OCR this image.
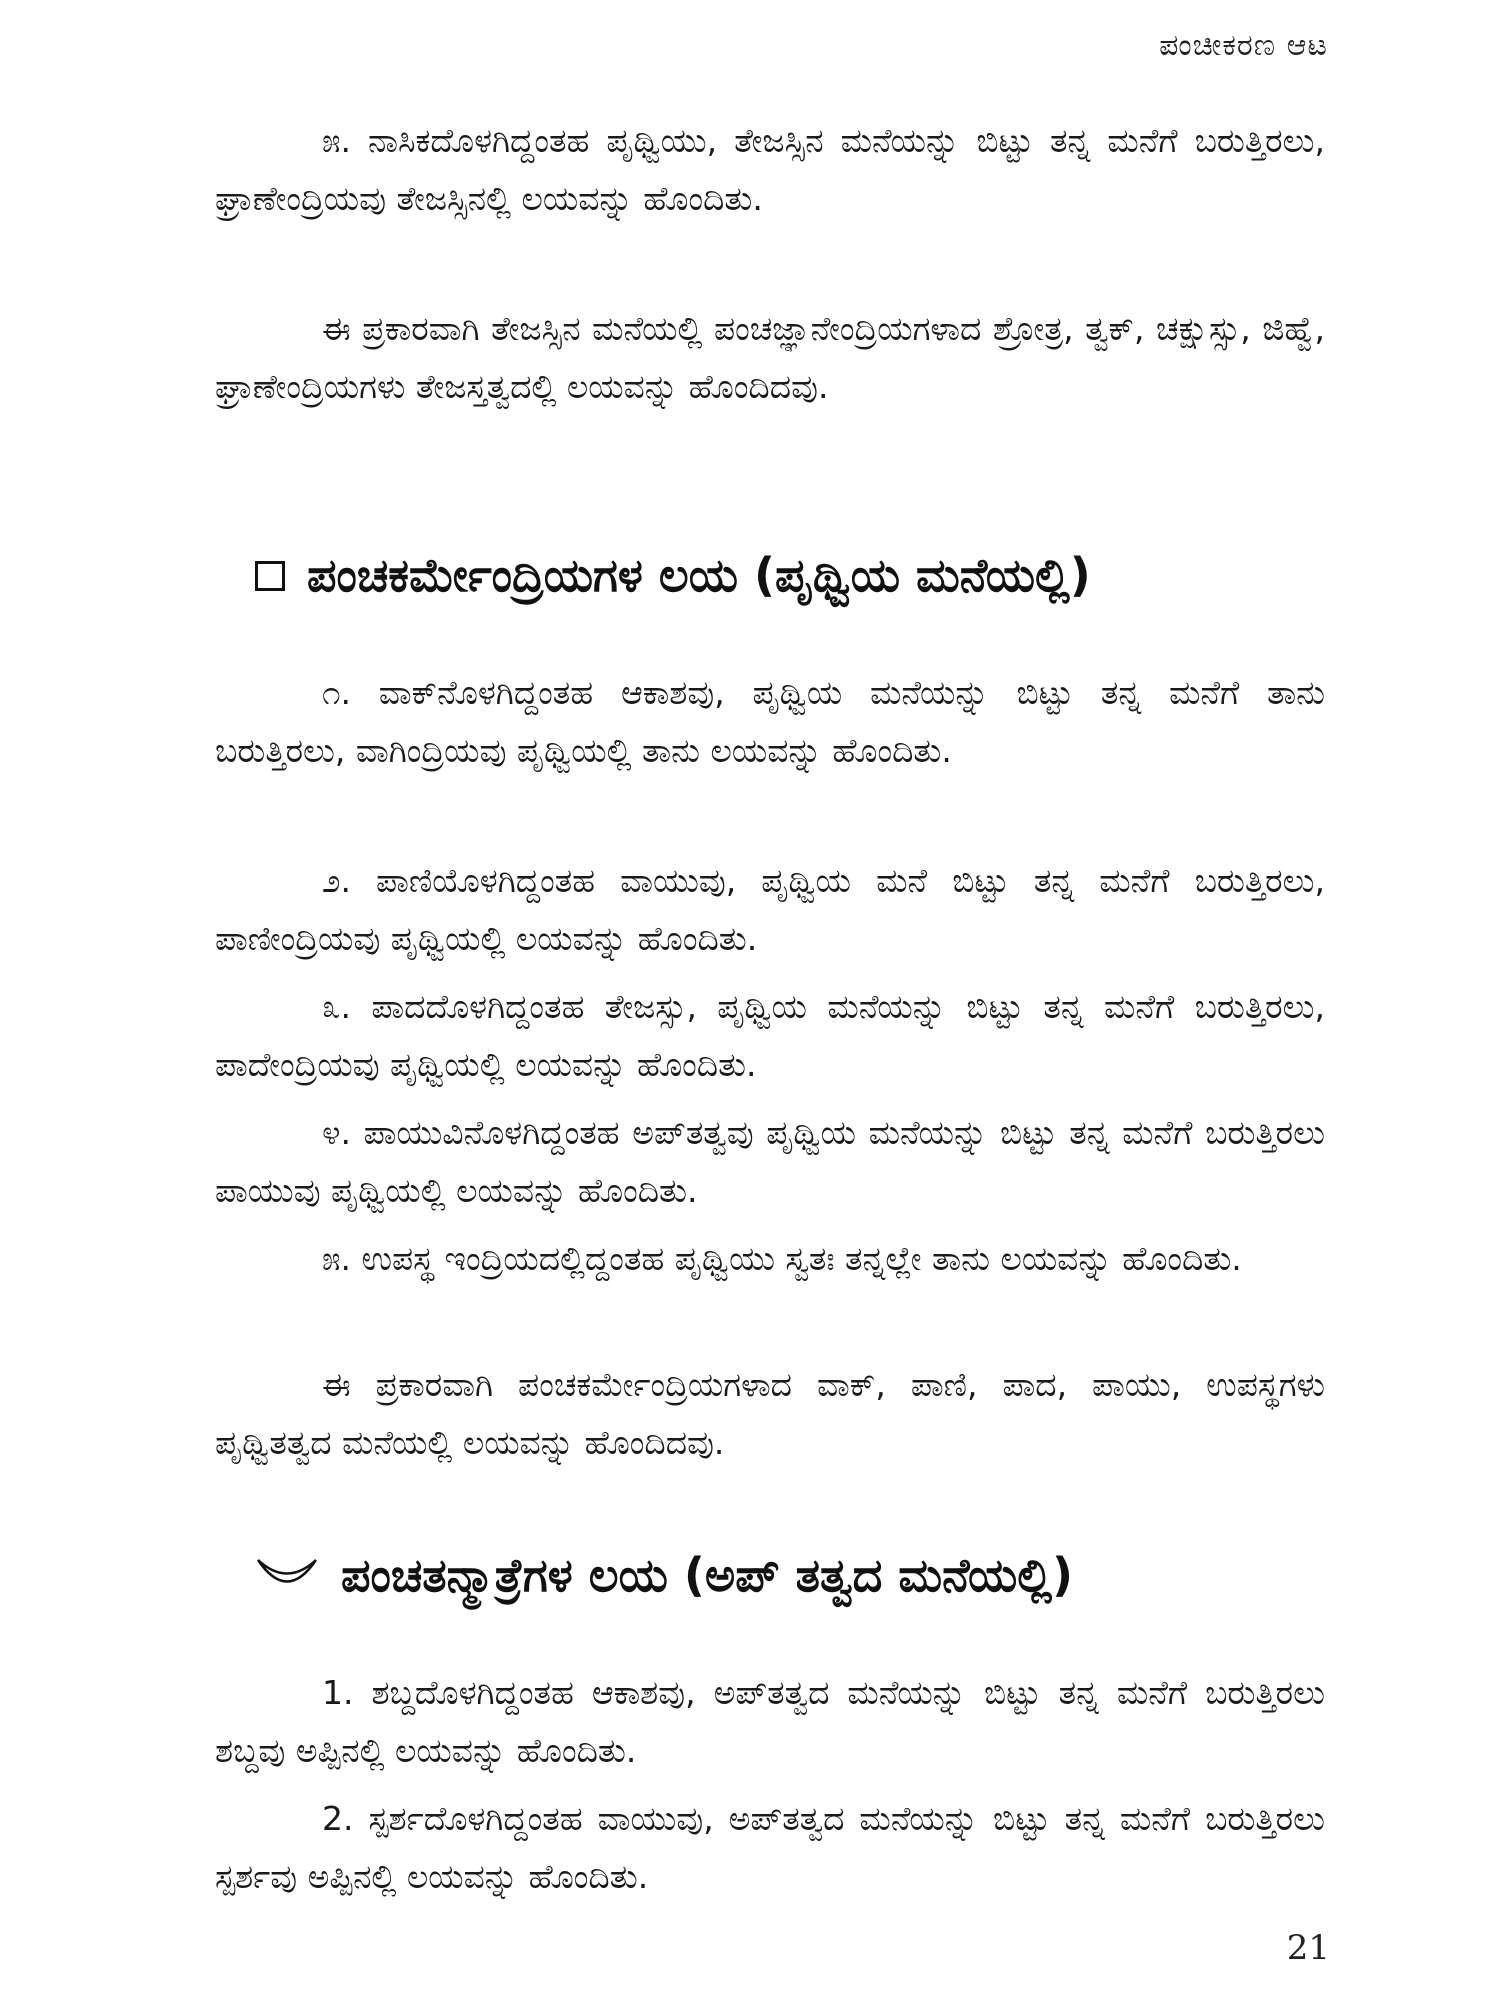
ಪಂಚೀಕರಣ ಆಟ

೫. ನಾಸಿಕದೊಳಗಿದ್ದಂತಹ ಪೃಥ್ವಿಯು, ತೇಜಸ್ಸಿನ ಮನೆಯನ್ನು ಬಿಟ್ಟು ತನ್ನ ಮನೆಗೆ ಬರುತ್ತಿರಲು, ಘ್ರಾಣೇಂದ್ರಿಯವು ತೇಜಸ್ಸಿನಲ್ಲಿ ಲಯವನ್ನು ಹೊಂದಿತು.

ಈ ಪ್ರಕಾರವಾಗಿ ತೇಜಸ್ಸಿನ ಮನೆಯಲ್ಲಿ ಪಂಚಜ್ಞಾನೇಂದ್ರಿಯಗಳಾದ ಶ್ರೋತ್ರ, ತ್ವಕ್, ಚಕ್ಷುಸ್ಸು, ಜಿಹ್ವೆ, ಘ್ರಾಣೇಂದ್ರಿಯಗಳು ತೇಜಸ್ತತ್ವದಲ್ಲಿ ಲಯವನ್ನು ಹೊಂದಿದವು.

ಪಂಚಕರ್ಮೇಂದ್ರಿಯಗಳ ಲಯ (ಪೃಥ್ವಿಯ ಮನೆಯಲ್ಲಿ)

೧. ವಾಕ್‌ನೊಳಗಿದ್ದಂತಹ ಆಕಾಶವು, ಪೃಥ್ವಿಯ ಮನೆಯನ್ನು ಬಿಟ್ಟು ತನ್ನ ಮನೆಗೆ ತಾನು ಬರುತ್ತಿರಲು, ವಾಗಿಂದ್ರಿಯವು ಪೃಥ್ವಿಯಲ್ಲಿ ತಾನು ಲಯವನ್ನು ಹೊಂದಿತು.

೨. ಪಾಣಿಯೊಳಗಿದ್ದಂತಹ ವಾಯುವು, ಪೃಥ್ವಿಯ ಮನೆ ಬಿಟ್ಟು ತನ್ನ ಮನೆಗೆ ಬರುತ್ತಿರಲು, ಪಾಣೀಂದ್ರಿಯವು ಪೃಥ್ವಿಯಲ್ಲಿ ಲಯವನ್ನು ಹೊಂದಿತು.

೩. ಪಾದದೊಳಗಿದ್ದಂತಹ ತೇಜಸ್ಸು, ಪೃಥ್ವಿಯ ಮನೆಯನ್ನು ಬಿಟ್ಟು ತನ್ನ ಮನೆಗೆ ಬರುತ್ತಿರಲು, ಪಾದೇಂದ್ರಿಯವು ಪೃಥ್ವಿಯಲ್ಲಿ ಲಯವನ್ನು ಹೊಂದಿತು.

೪. ಪಾಯುವಿನೊಳಗಿದ್ದಂತಹ ಅಪ್‌ತತ್ವವು ಪೃಥ್ವಿಯ ಮನೆಯನ್ನು ಬಿಟ್ಟು ತನ್ನ ಮನೆಗೆ ಬರುತ್ತಿರಲು ಪಾಯುವು ಪೃಥ್ವಿಯಲ್ಲಿ ಲಯವನ್ನು ಹೊಂದಿತು.

೫. ಉಪಸ್ಥ ಇಂದ್ರಿಯದಲ್ಲಿದ್ದಂತಹ ಪೃಥ್ವಿಯು ಸ್ವತಃ ತನ್ನಲ್ಲೇ ತಾನು ಲಯವನ್ನು ಹೊಂದಿತು.

ಈ ಪ್ರಕಾರವಾಗಿ ಪಂಚಕರ್ಮೇಂದ್ರಿಯಗಳಾದ ವಾಕ್, ಪಾಣಿ, ಪಾದ, ಪಾಯು, ಉಪಸ್ಥಗಳು ಪೃಥ್ವಿತತ್ವದ ಮನೆಯಲ್ಲಿ ಲಯವನ್ನು ಹೊಂದಿದವು.

ಪಂಚತನ್ಮಾತ್ರೆಗಳ ಲಯ (ಅಪ್ ತತ್ವದ ಮನೆಯಲ್ಲಿ)

1. ಶಬ್ದದೊಳಗಿದ್ದಂತಹ ಆಕಾಶವು, ಅಪ್‌ತತ್ವದ ಮನೆಯನ್ನು ಬಿಟ್ಟು ತನ್ನ ಮನೆಗೆ ಬರುತ್ತಿರಲು ಶಬ್ದವು ಅಪ್ಪಿನಲ್ಲಿ ಲಯವನ್ನು ಹೊಂದಿತು.

2. ಸ್ಪರ್ಶದೊಳಗಿದ್ದಂತಹ ವಾಯುವು, ಅಪ್‌ತತ್ವದ ಮನೆಯನ್ನು ಬಿಟ್ಟು ತನ್ನ ಮನೆಗೆ ಬರುತ್ತಿರಲು ಸ್ಪರ್ಶವು ಅಪ್ಪಿನಲ್ಲಿ ಲಯವನ್ನು ಹೊಂದಿತು.

21
